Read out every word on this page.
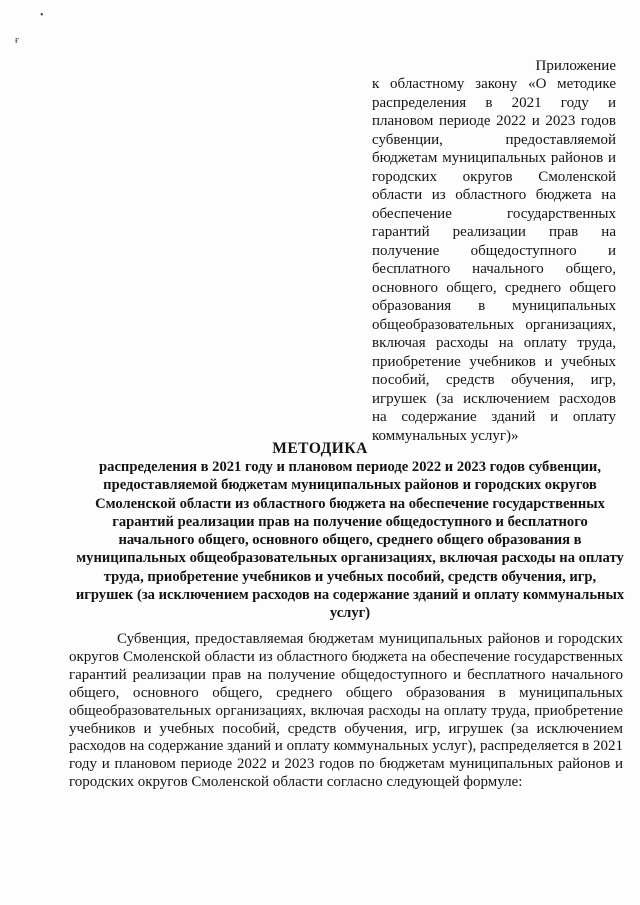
•
ғ

Приложение

к областному закону «О методике распределения в 2021 году и плановом периоде 2022 и 2023 годов субвенции, предоставляемой бюджетам муниципальных районов и городских округов Смоленской области из областного бюджета на обеспечение государственных гарантий реализации прав на получение общедоступного и бесплатного начального общего, основного общего, среднего общего образования в муниципальных общеобразовательных организациях, включая расходы на оплату труда, приобретение учебников и учебных пособий, средств обучения, игр, игрушек (за исключением расходов на содержание зданий и оплату коммунальных услуг)»

МЕТОДИКА

распределения в 2021 году и плановом периоде 2022 и 2023 годов субвенции, предоставляемой бюджетам муниципальных районов и городских округов Смоленской области из областного бюджета на обеспечение государственных гарантий реализации прав на получение общедоступного и бесплатного начального общего, основного общего, среднего общего образования в муниципальных общеобразовательных организациях, включая расходы на оплату труда, приобретение учебников и учебных пособий, средств обучения, игр, игрушек (за исключением расходов на содержание зданий и оплату коммунальных услуг)

Субвенция, предоставляемая бюджетам муниципальных районов и городских округов Смоленской области из областного бюджета на обеспечение государственных гарантий реализации прав на получение общедоступного и бесплатного начального общего, основного общего, среднего общего образования в муниципальных общеобразовательных организациях, включая расходы на оплату труда, приобретение учебников и учебных пособий, средств обучения, игр, игрушек (за исключением расходов на содержание зданий и оплату коммунальных услуг), распределяется в 2021 году и плановом периоде 2022 и 2023 годов по бюджетам муниципальных районов и городских округов Смоленской области согласно следующей формуле:
